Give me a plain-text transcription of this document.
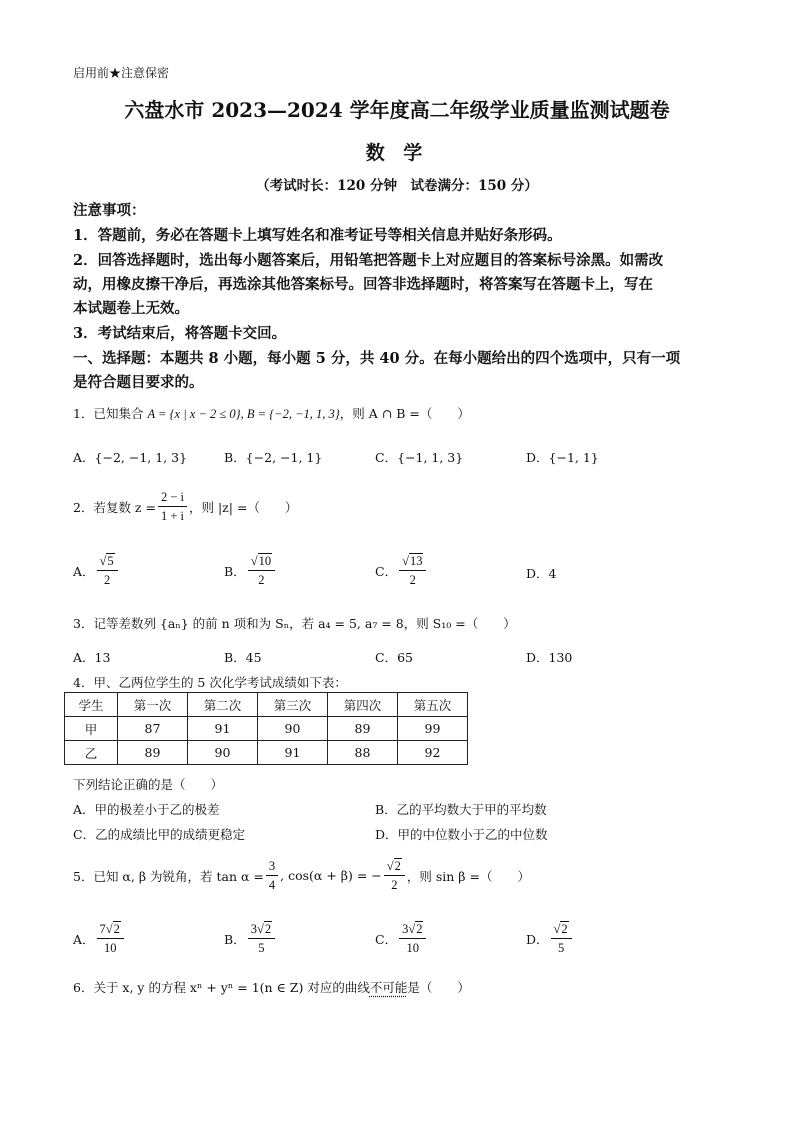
启用前★注意保密
六盘水市 2023—2024 学年度高二年级学业质量监测试题卷
数 学
（考试时长：120 分钟　试卷满分：150 分）
注意事项：
1．答题前，务必在答题卡上填写姓名和准考证号等相关信息并贴好条形码。
2．回答选择题时，选出每小题答案后，用铅笔把答题卡上对应题目的答案标号涂黑。如需改
动，用橡皮擦干净后，再选涂其他答案标号。回答非选择题时，将答案写在答题卡上，写在
本试题卷上无效。
3．考试结束后，将答题卡交回。
一、选择题：本题共 8 小题，每小题 5 分，共 40 分。在每小题给出的四个选项中，只有一项
是符合题目要求的。
1．已知集合 A = {x | x − 2 ≤ 0}, B = {−2, −1, 1, 3}，则 A ∩ B =（　　）
A．{−2, −1, 1, 3}	B．{−2, −1, 1}	C．{−1, 1, 3}	D．{−1, 1}
2．若复数 $z = \frac{2 - i}{1 + i}$ ，则 |z| =（　　）
A． $\frac{√5}{2}$	B． $\frac{√10}{2}$	C． $\frac{√13}{2}$	D．4
3．记等差数列 {aₙ} 的前 n 项和为 Sₙ，若 a₄ = 5, a₇ = 8，则 S₁₀ =（　　）
A．13	B．45	C．65	D．130
4．甲、乙两位学生的 5 次化学考试成绩如下表：
学生	第一次	第二次	第三次	第四次	第五次
甲	87	91	90	89	99
乙	89	90	91	88	92
下列结论正确的是（　　）
A．甲的极差小于乙的极差	B．乙的平均数大于甲的平均数
C．乙的成绩比甲的成绩更稳定	D．甲的中位数小于乙的中位数
5．已知 α, β 为锐角，若 $\tan \alpha = \frac{3}{4}$ , cos(α + β) = − $\frac{√2}{2}$ ，则 sin β =（　　）
A． $\frac{7√2}{10}$	B． $\frac{3√2}{5}$	C． $\frac{3√2}{10}$	D． $\frac{√2}{5}$
6．关于 x, y 的方程 xⁿ + yⁿ = 1(n ∈ Z) 对应的曲线不可能是（　　）
